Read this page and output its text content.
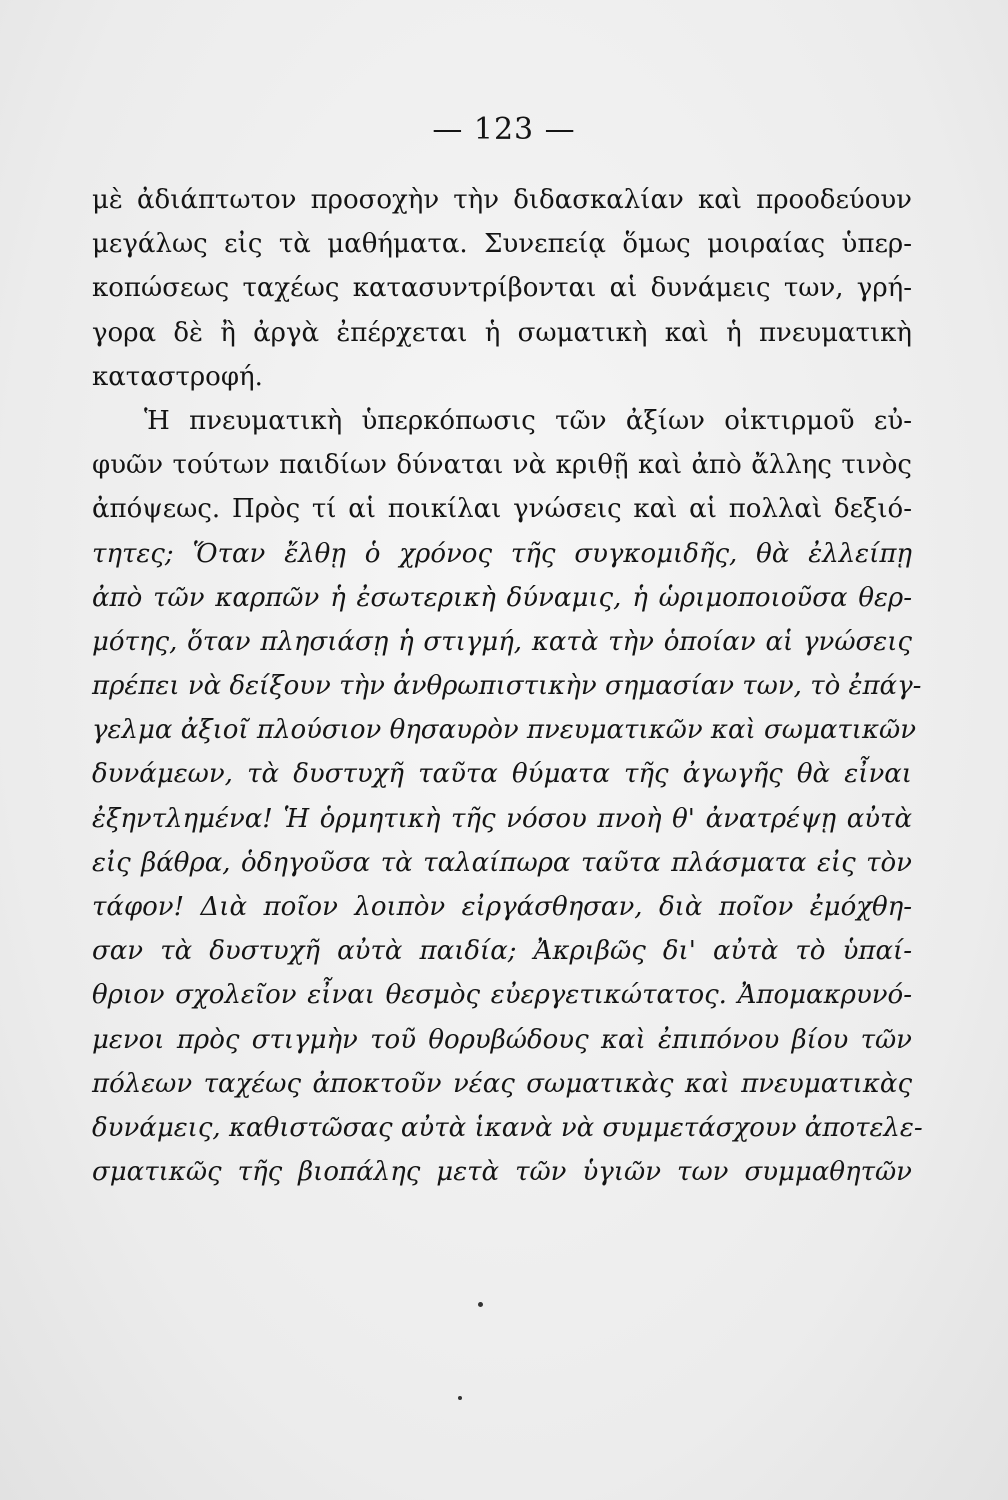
— 123 —
μὲ ἀδιάπτωτον προσοχὴν τὴν διδασκαλίαν καὶ προοδεύουν
μεγάλως εἰς τὰ μαθήματα. Συνεπείᾳ ὅμως μοιραίας ὑπερ-
κοπώσεως ταχέως κατασυντρίβονται αἱ δυνάμεις των, γρή-
γορα δὲ ἢ ἀργὰ ἐπέρχεται ἡ σωματικὴ καὶ ἡ πνευματικὴ
καταστροφή.
Ἡ πνευματικὴ ὑπερκόπωσις τῶν ἀξίων οἰκτιρμοῦ εὐ-
φυῶν τούτων παιδίων δύναται νὰ κριθῇ καὶ ἀπὸ ἄλλης τινὸς
ἀπόψεως. Πρὸς τί αἱ ποικίλαι γνώσεις καὶ αἱ πολλαὶ δεξιό-
τητες; Ὅταν ἔλθῃ ὁ χρόνος τῆς συγκομιδῆς, θὰ ἐλλείπῃ
ἀπὸ τῶν καρπῶν ἡ ἐσωτερικὴ δύναμις, ἡ ὡριμοποιοῦσα θερ-
μότης, ὅταν πλησιάσῃ ἡ στιγμή, κατὰ τὴν ὁποίαν αἱ γνώσεις
πρέπει νὰ δείξουν τὴν ἀνθρωπιστικὴν σημασίαν των, τὸ ἐπάγ-
γελμα ἀξιοῖ πλούσιον θησαυρὸν πνευματικῶν καὶ σωματικῶν
δυνάμεων, τὰ δυστυχῆ ταῦτα θύματα τῆς ἀγωγῆς θὰ εἶναι
ἐξηντλημένα! Ἡ ὁρμητικὴ τῆς νόσου πνοὴ θ' ἀνατρέψῃ αὐτὰ
εἰς βάθρα, ὁδηγοῦσα τὰ ταλαίπωρα ταῦτα πλάσματα εἰς τὸν
τάφον! Διὰ ποῖον λοιπὸν εἰργάσθησαν, διὰ ποῖον ἐμόχθη-
σαν τὰ δυστυχῆ αὐτὰ παιδία; Ἀκριβῶς δι' αὐτὰ τὸ ὑπαί-
θριον σχολεῖον εἶναι θεσμὸς εὐεργετικώτατος. Ἀπομακρυνό-
μενοι πρὸς στιγμὴν τοῦ θορυβώδους καὶ ἐπιπόνου βίου τῶν
πόλεων ταχέως ἀποκτοῦν νέας σωματικὰς καὶ πνευματικὰς
δυνάμεις, καθιστῶσας αὐτὰ ἱκανὰ νὰ συμμετάσχουν ἀποτελε-
σματικῶς τῆς βιοπάλης μετὰ τῶν ὑγιῶν των συμμαθητῶν
